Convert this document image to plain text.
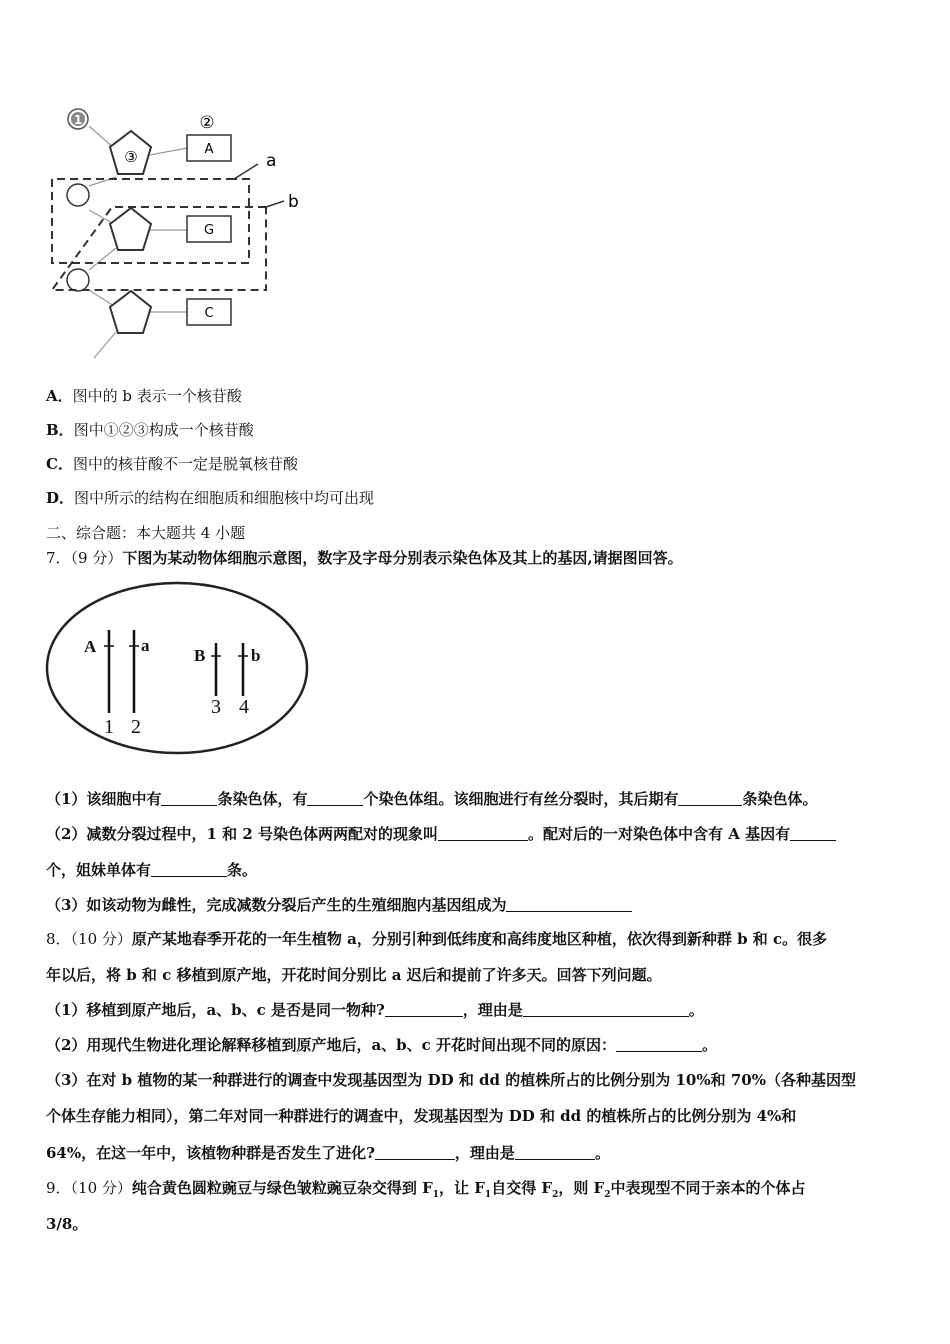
1	②
③	A
G
C
a
b
A．图中的 b 表示一个核苷酸
B．图中①②③构成一个核苷酸
C．图中的核苷酸不一定是脱氧核苷酸
D．图中所示的结构在细胞质和细胞核中均可出现
二、综合题：本大题共 4 小题
7．（9 分）下图为某动物体细胞示意图，数字及字母分别表示染色体及其上的基因,请据图回答。
A	a
B	b
1 2
3 4
（1）该细胞中有	条染色体，有	个染色体组。该细胞进行有丝分裂时，其后期有	条染色体。
（2）减数分裂过程中，1 和 2 号染色体两两配对的现象叫	。配对后的一对染色体中含有 A 基因有
个，姐妹单体有	条。
（3）如该动物为雌性，完成减数分裂后产生的生殖细胞内基因组成为
8．（10 分）原产某地春季开花的一年生植物 a，分别引种到低纬度和高纬度地区种植，依次得到新种群 b 和 c。很多
年以后，将 b 和 c 移植到原产地，开花时间分别比 a 迟后和提前了许多天。回答下列问题。
（1）移植到原产地后，a、b、c 是否是同一物种?	，理由是	。
（2）用现代生物进化理论解释移植到原产地后，a、b、c 开花时间出现不同的原因：	。
（3）在对 b 植物的某一种群进行的调查中发现基因型为 DD 和 dd 的植株所占的比例分别为 10%和 70%（各种基因型
个体生存能力相同），第二年对同一种群进行的调查中，发现基因型为 DD 和 dd 的植株所占的比例分别为 4%和
64%，在这一年中，该植物种群是否发生了进化?	，理由是	。
9．（10 分）纯合黄色圆粒豌豆与绿色皱粒豌豆杂交得到 $F_1$，让 $F_1$自交得 $F_2$，则 $F_2$中表现型不同于亲本的个体占
3/8。
